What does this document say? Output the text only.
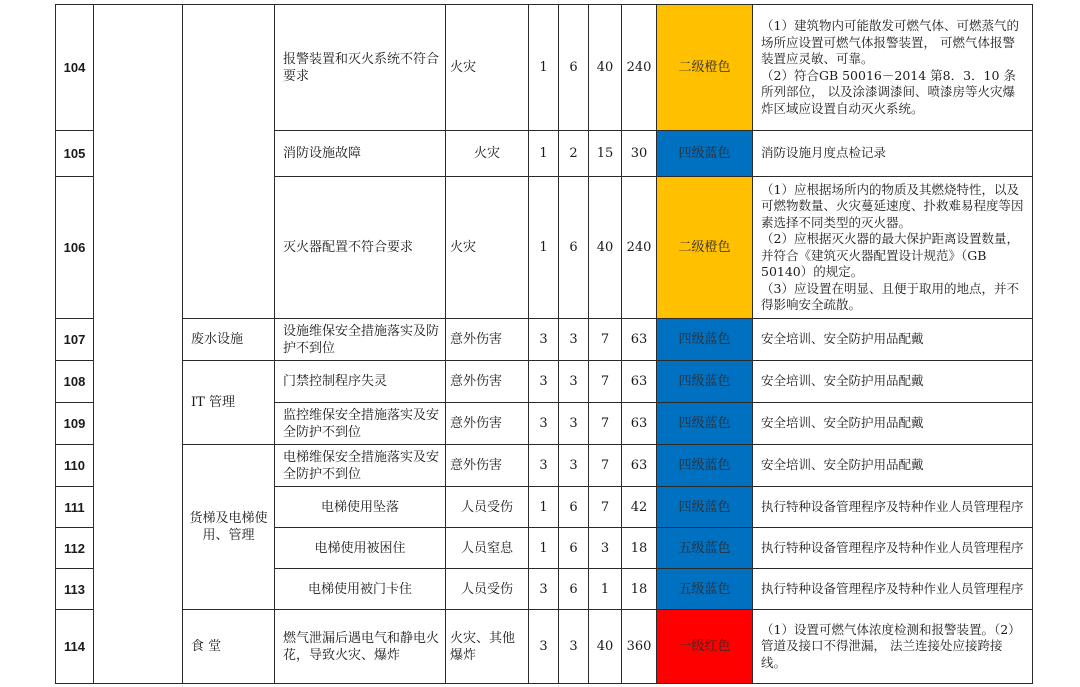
104			报警装置和灭火系统不符合要求	火灾	1	6	40	240	二级橙色	（1）建筑物内可能散发可燃气体、可燃蒸气的场所应设置可燃气体报警装置， 可燃气体报警装置应灵敏、可靠。
（2）符合GB 50016－2014 第8．3．10 条所列部位， 以及涂漆调漆间、喷漆房等火灾爆炸区域应设置自动灭火系统。
105			消防设施故障	火灾	1	2	15	30	四级蓝色	消防设施月度点检记录
106			灭火器配置不符合要求	火灾	1	6	40	240	二级橙色	（1）应根据场所内的物质及其燃烧特性，以及可燃物数量、火灾蔓延速度、扑救难易程度等因素选择不同类型的灭火器。
（2）应根据灭火器的最大保护距离设置数量， 并符合《建筑灭火器配置设计规范》（GB 50140）的规定。
（3）应设置在明显、且便于取用的地点，并不得影响安全疏散。
107		废水设施	设施维保安全措施落实及防护不到位	意外伤害	3	3	7	63	四级蓝色	安全培训、安全防护用品配戴
108		IT 管理	门禁控制程序失灵	意外伤害	3	3	7	63	四级蓝色	安全培训、安全防护用品配戴
109			监控维保安全措施落实及安全防护不到位	意外伤害	3	3	7	63	四级蓝色	安全培训、安全防护用品配戴
110		货梯及电梯使用、管理	电梯维保安全措施落实及安全防护不到位	意外伤害	3	3	7	63	四级蓝色	安全培训、安全防护用品配戴
111			电梯使用坠落	人员受伤	1	6	7	42	四级蓝色	执行特种设备管理程序及特种作业人员管理程序
112			电梯使用被困住	人员窒息	1	6	3	18	五级蓝色	执行特种设备管理程序及特种作业人员管理程序
113			电梯使用被门卡住	人员受伤	3	6	1	18	五级蓝色	执行特种设备管理程序及特种作业人员管理程序
114		食 堂	燃气泄漏后遇电气和静电火花，导致火灾、爆炸	火灾、其他爆炸	3	3	40	360	一级红色	（1）设置可燃气体浓度检测和报警装置。（2）管道及接口不得泄漏， 法兰连接处应接跨接线。
